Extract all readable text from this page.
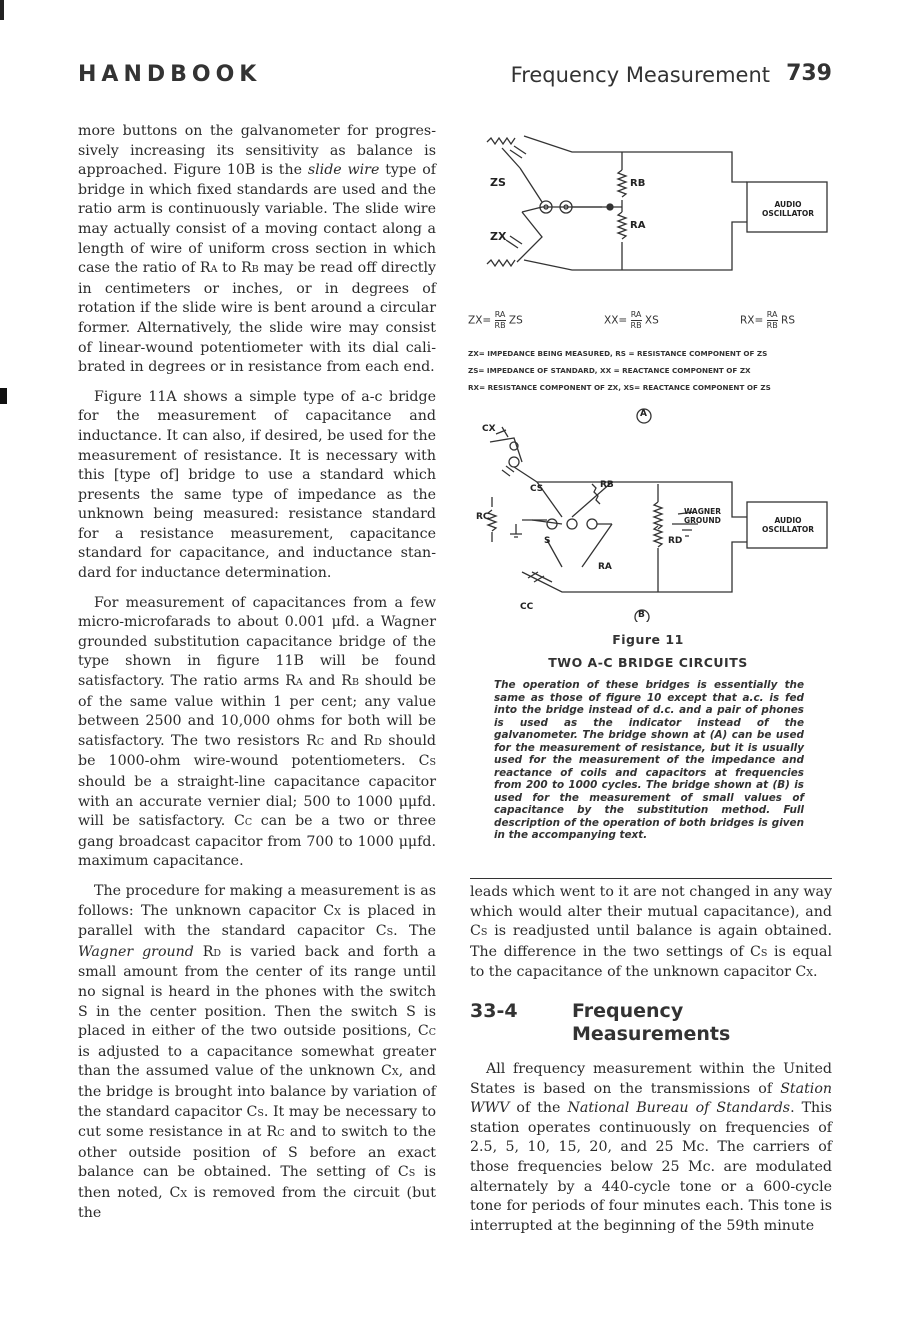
HANDBOOK	Frequency Measurement 739

more buttons on the galvanometer for progressively increasing its sensitivity as balance is approached. Figure 10B is the slide wire type of bridge in which fixed standards are used and the ratio arm is continuously variable. The slide wire may actually consist of a moving contact along a length of wire of uniform cross section in which case the ratio of RA to RB may be read off directly in centimeters or inches, or in degrees of rotation if the slide wire is bent around a circular former. Alternatively, the slide wire may consist of linear-wound potentiometer with its dial calibrated in degrees or in resistance from each end.

Figure 11A shows a simple type of a-c bridge for the measurement of capacitance and inductance. It can also, if desired, be used for the measurement of resistance. It is necessary with this [type of] bridge to use a standard which presents the same type of impedance as the unknown being measured: resistance standard for a resistance measurement, capacitance standard for capacitance, and inductance standard for inductance determination.

For measurement of capacitances from a few micro-microfarads to about 0.001 μfd. a Wagner grounded substitution capacitance bridge of the type shown in figure 11B will be found satisfactory. The ratio arms RA and RB should be of the same value within 1 per cent; any value between 2500 and 10,000 ohms for both will be satisfactory. The two resistors RC and RD should be 1000-ohm wire-wound potentiometers. CS should be a straight-line capacitance capacitor with an accurate vernier dial; 500 to 1000 μμfd. will be satisfactory. CC can be a two or three gang broadcast capacitor from 700 to 1000 μμfd. maximum capacitance.

The procedure for making a measurement is as follows: The unknown capacitor CX is placed in parallel with the standard capacitor CS. The Wagner ground RD is varied back and forth a small amount from the center of its range until no signal is heard in the phones with the switch S in the center position. Then the switch S is placed in either of the two outside positions, CC is adjusted to a capacitance somewhat greater than the assumed value of the unknown CX, and the bridge is brought into balance by variation of the standard capacitor CS. It may be necessary to cut some resistance in at RC and to switch to the other outside position of S before an exact balance can be obtained. The setting of CS is then noted, CX is removed from the circuit (but the

ZS
ZX
RB
RA
AUDIO
OSCILLATOR
$ZX= \frac{RA}{RB}$ ZS	$XX= \frac{RA}{RB}$ XS	$RX= \frac{RA}{RB}$ RS
ZX= IMPEDANCE BEING MEASURED, RS = RESISTANCE COMPONENT OF ZS
ZS= IMPEDANCE OF STANDARD, XX = REACTANCE COMPONENT OF ZX
RX= RESISTANCE COMPONENT OF ZX, XS= REACTANCE COMPONENT OF ZS
A
CX
CS	RB
RC
S	RD
RA
CC
WAGNER
GROUND	AUDIO
OSCILLATOR
B
Figure 11
TWO A-C BRIDGE CIRCUITS
The operation of these bridges is essentially the same as those of figure 10 except that a.c. is fed into the bridge instead of d.c. and a pair of phones is used as the indicator instead of the galvanometer. The bridge shown at (A) can be used for the measurement of resistance, but it is usually used for the measurement of the impedance and reactance of coils and capacitors at frequencies from 200 to 1000 cycles. The bridge shown at (B) is used for the measurement of small values of capacitance by the substitution method. Full description of the operation of both bridges is given in the accompanying text.

leads which went to it are not changed in any way which would alter their mutual capacitance), and CS is readjusted until balance is again obtained. The difference in the two settings of CS is equal to the capacitance of the unknown capacitor CX.

33-4	Frequency
Measurements

All frequency measurement within the United States is based on the transmissions of Station WWV of the National Bureau of Standards. This station operates continuously on frequencies of 2.5, 5, 10, 15, 20, and 25 Mc. The carriers of those frequencies below 25 Mc. are modulated alternately by a 440-cycle tone or a 600-cycle tone for periods of four minutes each. This tone is interrupted at the beginning of the 59th minute
